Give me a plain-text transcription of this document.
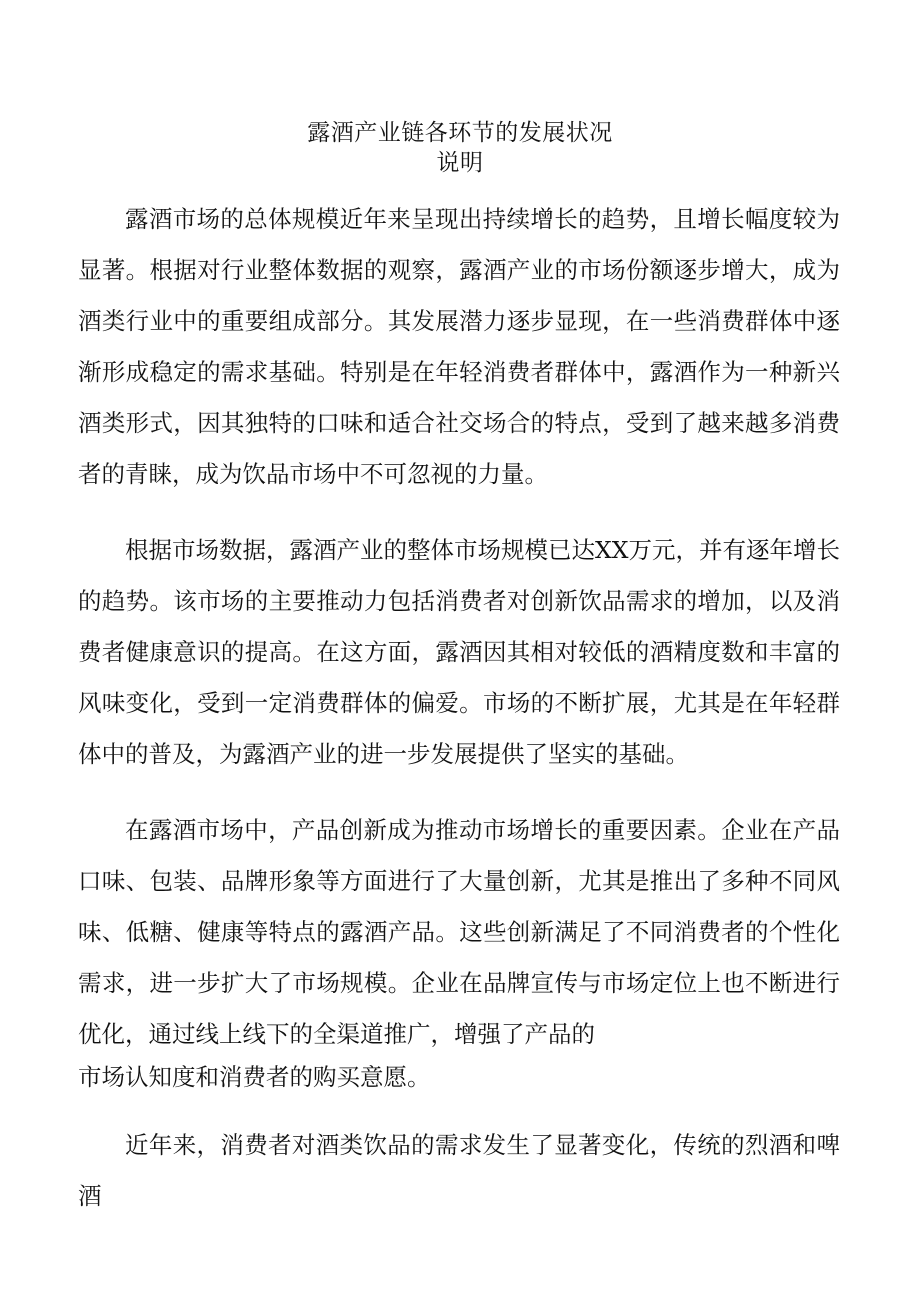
露酒产业链各环节的发展状况
说明

露酒市场的总体规模近年来呈现出持续增长的趋势，且增长幅度较为显著。根据对行业整体数据的观察，露酒产业的市场份额逐步增大，成为酒类行业中的重要组成部分。其发展潜力逐步显现，在一些消费群体中逐渐形成稳定的需求基础。特别是在年轻消费者群体中，露酒作为一种新兴酒类形式，因其独特的口味和适合社交场合的特点，受到了越来越多消费者的青睐，成为饮品市场中不可忽视的力量。

根据市场数据，露酒产业的整体市场规模已达XX万元，并有逐年增长的趋势。该市场的主要推动力包括消费者对创新饮品需求的增加，以及消费者健康意识的提高。在这方面，露酒因其相对较低的酒精度数和丰富的风味变化，受到一定消费群体的偏爱。市场的不断扩展，尤其是在年轻群体中的普及，为露酒产业的进一步发展提供了坚实的基础。

在露酒市场中，产品创新成为推动市场增长的重要因素。企业在产品口味、包装、品牌形象等方面进行了大量创新，尤其是推出了多种不同风味、低糖、健康等特点的露酒产品。这些创新满足了不同消费者的个性化需求，进一步扩大了市场规模。企业在品牌宣传与市场定位上也不断进行优化，通过线上线下的全渠道推广，增强了产品的

市场认知度和消费者的购买意愿。

近年来，消费者对酒类饮品的需求发生了显著变化，传统的烈酒和啤酒
